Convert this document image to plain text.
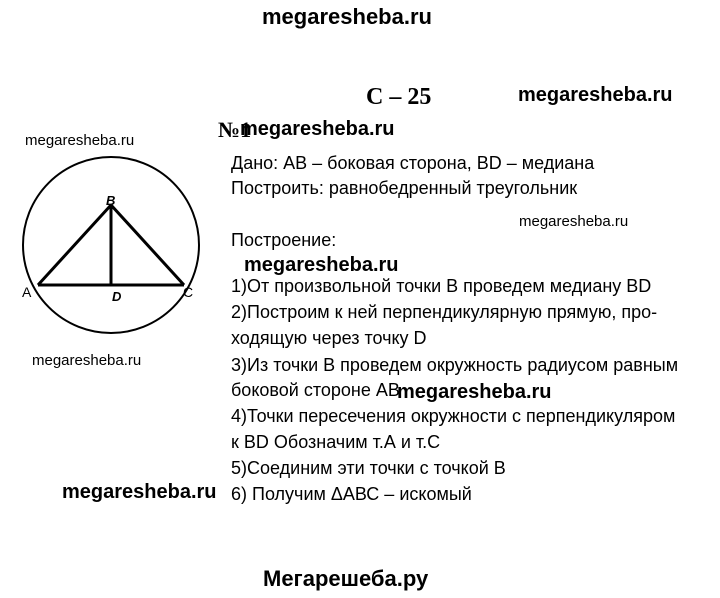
megaresheba.ru
С – 25	megaresheba.ru
№1
megaresheba.ru
megaresheba.ru
Дано: АВ – боковая сторона, ВD – медиана
Построить: равнобедренный треугольник
megaresheba.ru
Построение:
megaresheba.ru
1)От произвольной точки В проведем медиану ВD
2)Построим к ней перпендикулярную прямую, про-
ходящую через точку D
megaresheba.ru	3)Из точки В проведем окружность радиусом равным
боковой стороне АВ
megaresheba.ru
4)Точки пересечения окружности с перпендикуляром
к ВD Обозначим т.А и т.С
5)Соединим эти точки с точкой В
megaresheba.ru 6) Получим ΔАВС – искомый
Мегарешеба.ру
B
D
A	C
